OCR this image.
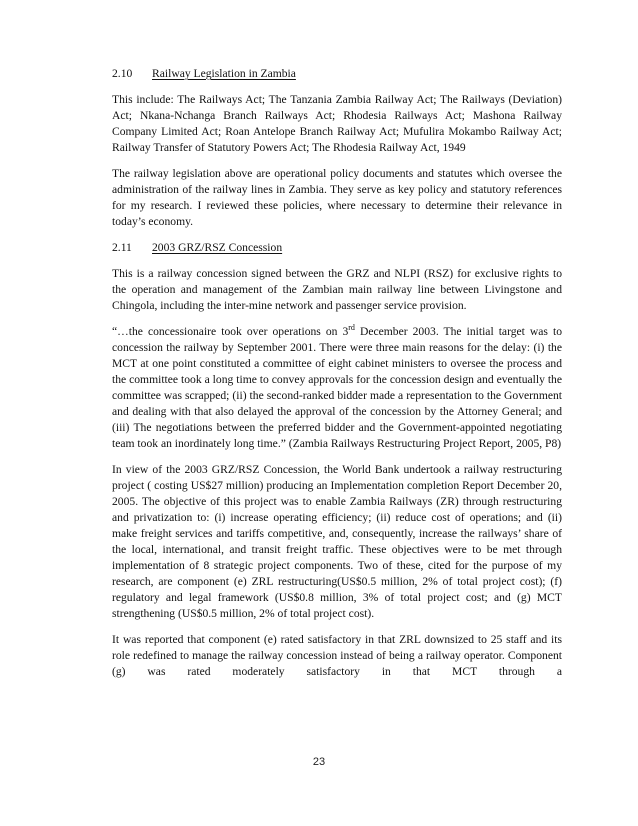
2.10	Railway Legislation in Zambia

This include: The Railways Act; The Tanzania Zambia Railway Act; The Railways (Deviation) Act; Nkana-Nchanga Branch Railways Act; Rhodesia Railways Act; Mashona Railway Company Limited Act; Roan Antelope Branch Railway Act; Mufulira Mokambo Railway Act; Railway Transfer of Statutory Powers Act; The Rhodesia Railway Act, 1949

The railway legislation above are operational policy documents and statutes which oversee the administration of the railway lines in Zambia. They serve as key policy and statutory references for my research. I reviewed these policies, where necessary to determine their relevance in today’s economy.

2.11	2003 GRZ/RSZ Concession

This is a railway concession signed between the GRZ and NLPI (RSZ) for exclusive rights to the operation and management of the Zambian main railway line between Livingstone and Chingola, including the inter-mine network and passenger service provision.

“…the concessionaire took over operations on 3rd December 2003. The initial target was to concession the railway by September 2001. There were three main reasons for the delay: (i) the MCT at one point constituted a committee of eight cabinet ministers to oversee the process and the committee took a long time to convey approvals for the concession design and eventually the committee was scrapped; (ii) the second-ranked bidder made a representation to the Government and dealing with that also delayed the approval of the concession by the Attorney General; and (iii) The negotiations between the preferred bidder and the Government-appointed negotiating team took an inordinately long time.” (Zambia Railways Restructuring Project Report, 2005, P8)

In view of the 2003 GRZ/RSZ Concession, the World Bank undertook a railway restructuring project ( costing US$27 million) producing an Implementation completion Report December 20, 2005. The objective of this project was to enable Zambia Railways (ZR) through restructuring and privatization to: (i) increase operating efficiency; (ii) reduce cost of operations; and (ii) make freight services and tariffs competitive, and, consequently, increase the railways’ share of the local, international, and transit freight traffic. These objectives were to be met through implementation of 8 strategic project components. Two of these, cited for the purpose of my research, are component (e) ZRL restructuring(US$0.5 million, 2% of total project cost); (f) regulatory and legal framework (US$0.8 million, 3% of total project cost; and (g) MCT strengthening (US$0.5 million, 2% of total project cost).

It was reported that component (e) rated satisfactory in that ZRL downsized to 25 staff and its role redefined to manage the railway concession instead of being a railway operator. Component (g) was rated moderately satisfactory in that MCT through a

23
